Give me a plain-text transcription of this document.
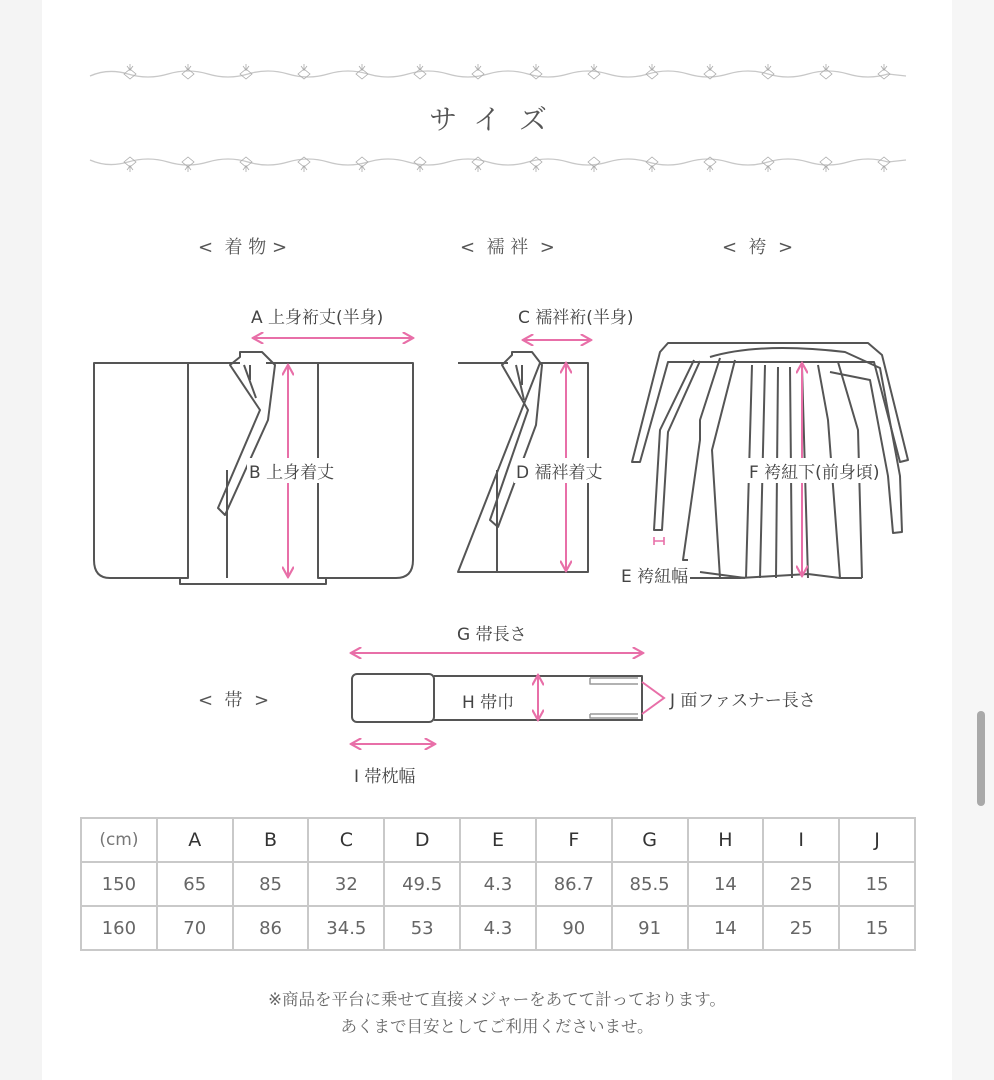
サイズ
<  着 物 >	<  襦 袢  >	<  袴  >
<  帯  >
A 上身裄丈(半身)
B 上身着丈
C 襦袢裄(半身)
D 襦袢着丈
E 袴紐幅
F 袴紐下(前身頃)
G 帯長さ
H 帯巾
I 帯枕幅
J 面ファスナー長さ
(cm)	A	B	C	D	E	F	G	H	I	J
150	65	85	32	49.5	4.3	86.7	85.5	14	25	15
160	70	86	34.5	53	4.3	90	91	14	25	15
※商品を平台に乗せて直接メジャーをあてて計っております。
あくまで目安としてご利用くださいませ。
